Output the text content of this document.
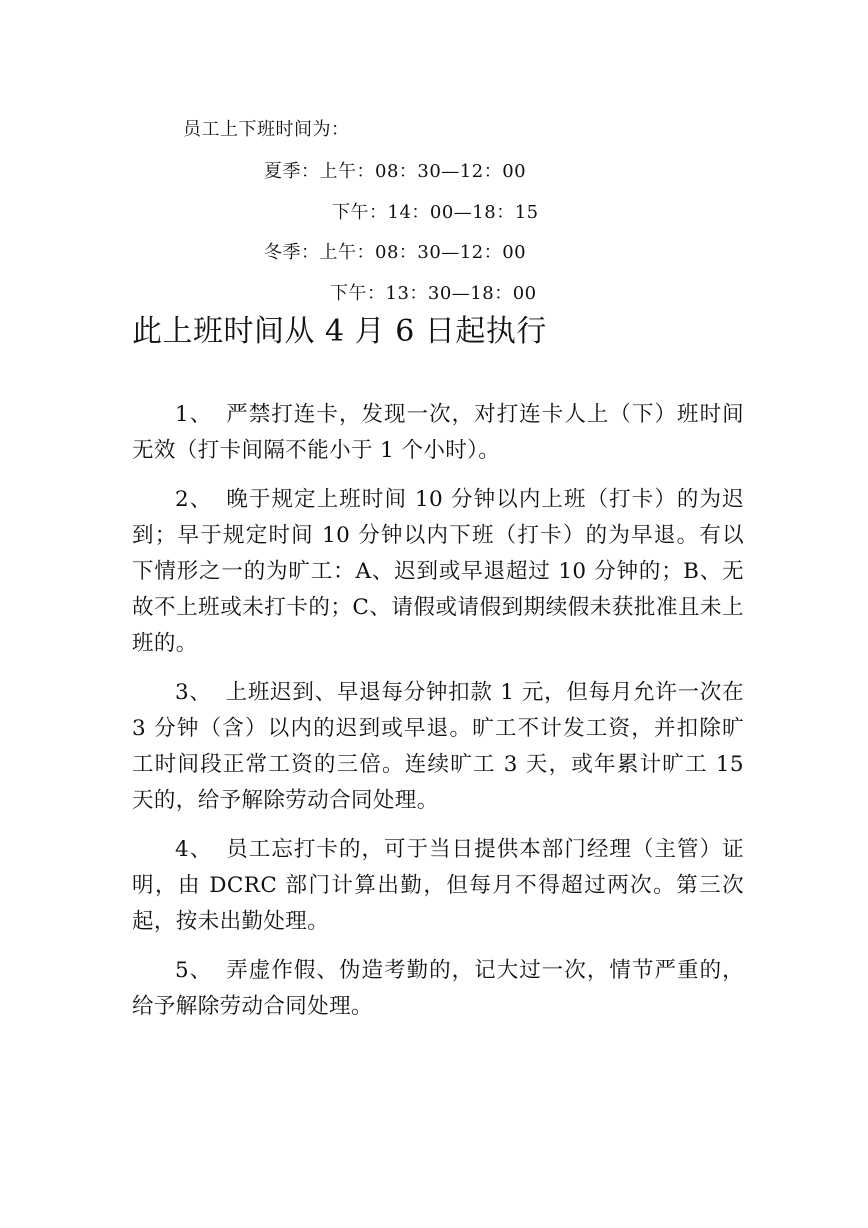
员工上下班时间为：
夏季：上午：08：30—12：00
下午：14：00—18：15
冬季：上午：08：30—12：00
下午：13：30—18：00
此上班时间从 4 月 6 日起执行

1、 严禁打连卡，发现一次，对打连卡人上（下）班时间无效（打卡间隔不能小于 1 个小时）。

2、 晚于规定上班时间 10 分钟以内上班（打卡）的为迟到；早于规定时间 10 分钟以内下班（打卡）的为早退。有以下情形之一的为旷工：A、迟到或早退超过 10 分钟的；B、无故不上班或未打卡的；C、请假或请假到期续假未获批准且未上班的。

3、 上班迟到、早退每分钟扣款 1 元，但每月允许一次在 3 分钟（含）以内的迟到或早退。旷工不计发工资，并扣除旷工时间段正常工资的三倍。连续旷工 3 天，或年累计旷工 15 天的，给予解除劳动合同处理。

4、 员工忘打卡的，可于当日提供本部门经理（主管）证明，由 DCRC 部门计算出勤，但每月不得超过两次。第三次起，按未出勤处理。

5、 弄虚作假、伪造考勤的，记大过一次，情节严重的，给予解除劳动合同处理。
